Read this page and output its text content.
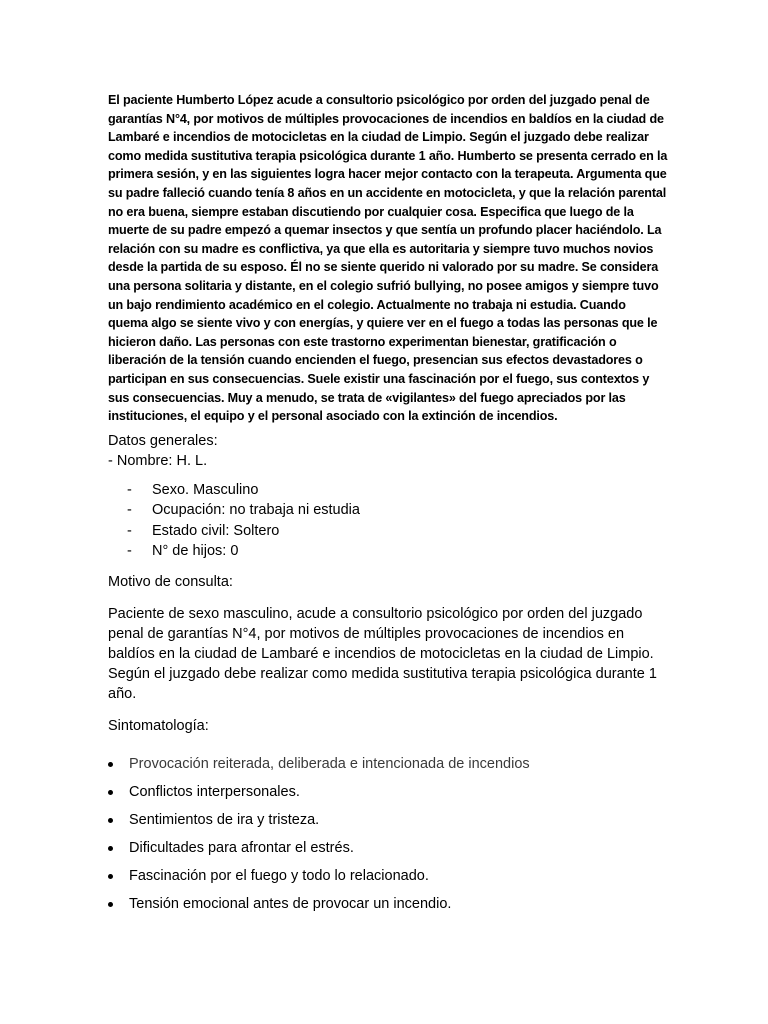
El paciente Humberto López acude a consultorio psicológico por orden del juzgado penal de garantías N°4, por motivos de múltiples provocaciones de incendios en baldíos en la ciudad de Lambaré e incendios de motocicletas en la ciudad de Limpio. Según el juzgado debe realizar como medida sustitutiva terapia psicológica durante 1 año. Humberto se presenta cerrado en la primera sesión, y en las siguientes logra hacer mejor contacto con la terapeuta. Argumenta que su padre falleció cuando tenía 8 años en un accidente en motocicleta, y que la relación parental no era buena, siempre estaban discutiendo por cualquier cosa. Especifica que luego de la muerte de su padre empezó a quemar insectos y que sentía un profundo placer haciéndolo. La relación con su madre es conflictiva, ya que ella es autoritaria y siempre tuvo muchos novios desde la partida de su esposo. Él no se siente querido ni valorado por su madre. Se considera una persona solitaria y distante, en el colegio sufrió bullying, no posee amigos y siempre tuvo un bajo rendimiento académico en el colegio. Actualmente no trabaja ni estudia. Cuando quema algo se siente vivo y con energías, y quiere ver en el fuego a todas las personas que le hicieron daño. Las personas con este trastorno experimentan bienestar, gratificación o liberación de la tensión cuando encienden el fuego, presencian sus efectos devastadores o participan en sus consecuencias. Suele existir una fascinación por el fuego, sus contextos y sus consecuencias. Muy a menudo, se trata de «vigilantes» del fuego apreciados por las instituciones, el equipo y el personal asociado con la extinción de incendios.

Datos generales:

- Nombre: H. L.

- Sexo. Masculino
- Ocupación: no trabaja ni estudia
- Estado civil: Soltero
- N° de hijos: 0

Motivo de consulta:

Paciente de sexo masculino, acude a consultorio psicológico por orden del juzgado penal de garantías N°4, por motivos de múltiples provocaciones de incendios en baldíos en la ciudad de Lambaré e incendios de motocicletas en la ciudad de Limpio. Según el juzgado debe realizar como medida sustitutiva terapia psicológica durante 1 año.

Sintomatología:

Provocación reiterada, deliberada e intencionada de incendios
Conflictos interpersonales.
Sentimientos de ira y tristeza.
Dificultades para afrontar el estrés.
Fascinación por el fuego y todo lo relacionado.
Tensión emocional antes de provocar un incendio.
